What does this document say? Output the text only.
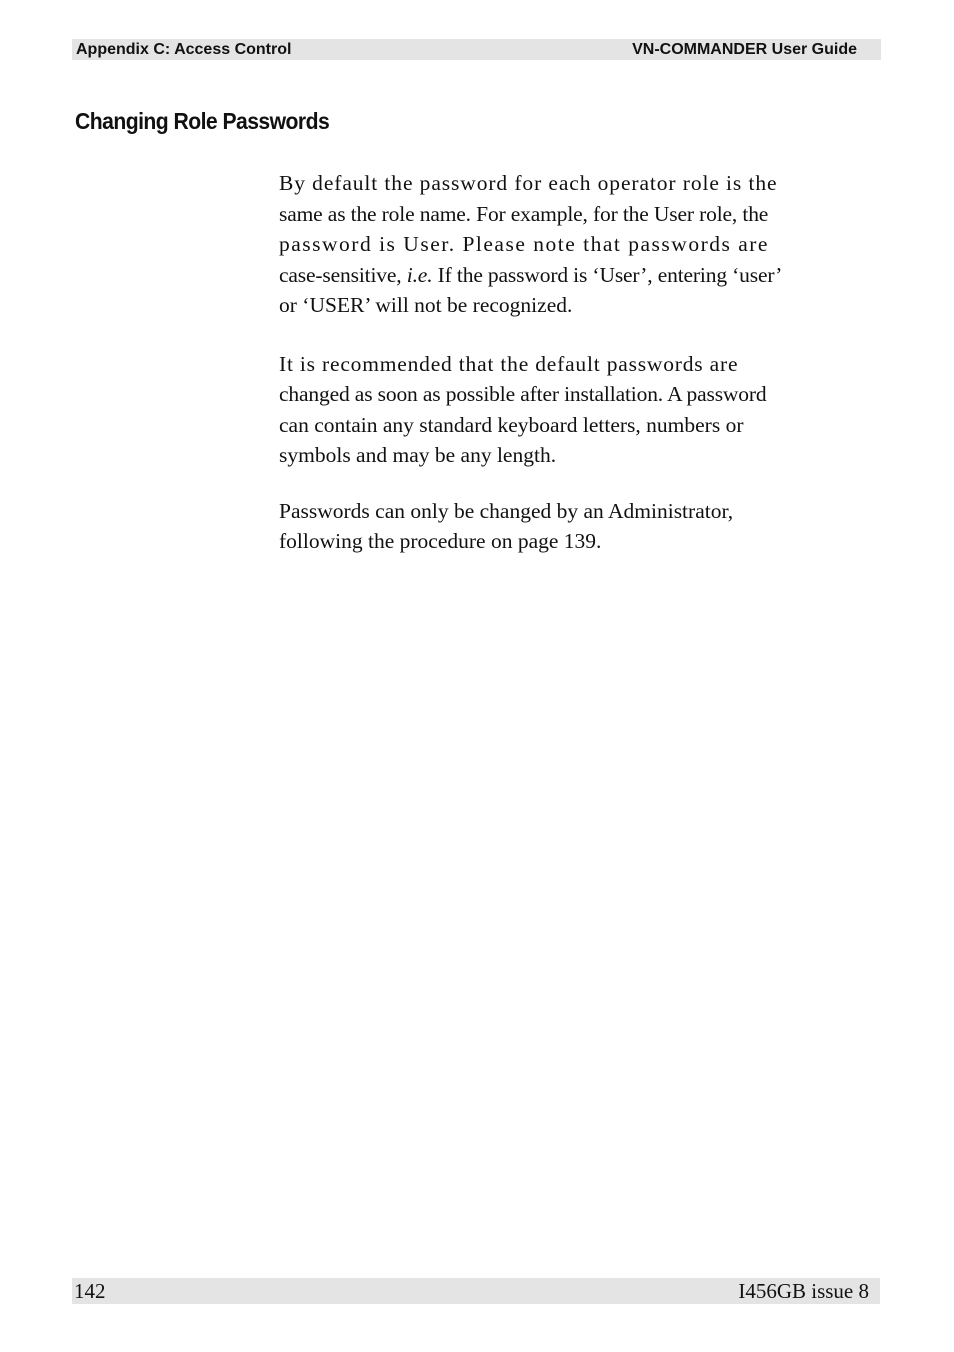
Appendix C: Access Control	VN-COMMANDER User Guide
Changing Role Passwords

By default the password for each operator role is the
same as the role name. For example, for the User role, the
password is User. Please note that passwords are
case-sensitive, i.e. If the password is ‘User’, entering ‘user’
or ‘USER’ will not be recognized.

It is recommended that the default passwords are
changed as soon as possible after installation. A password
can contain any standard keyboard letters, numbers or
symbols and may be any length.

Passwords can only be changed by an Administrator,
following the procedure on page 139.

142	I456GB issue 8
